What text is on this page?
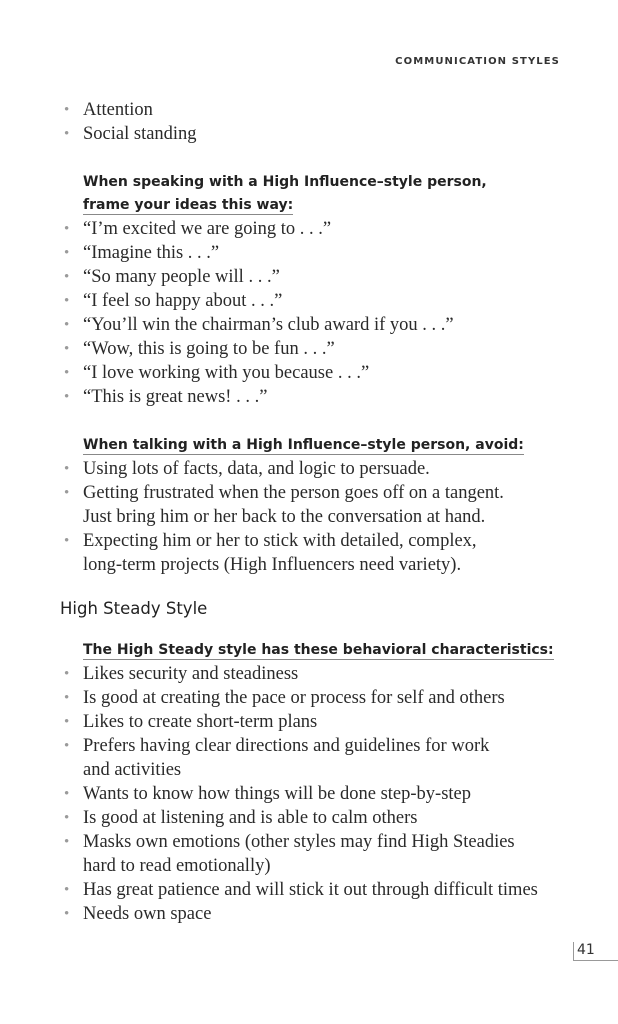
COMMUNICATION STYLES
• Attention
• Social standing
When speaking with a High Influence–style person,
frame your ideas this way:
• “I’m excited we are going to . . .”
• “Imagine this . . .”
• “So many people will . . .”
• “I feel so happy about . . .”
• “You’ll win the chairman’s club award if you . . .”
• “Wow, this is going to be fun . . .”
• “I love working with you because . . .”
• “This is great news! . . .”
When talking with a High Influence–style person, avoid:
• Using lots of facts, data, and logic to persuade.
• Getting frustrated when the person goes off on a tangent.
Just bring him or her back to the conversation at hand.
• Expecting him or her to stick with detailed, complex,
long-term projects (High Influencers need variety).
High Steady Style
The High Steady style has these behavioral characteristics:
• Likes security and steadiness
• Is good at creating the pace or process for self and others
• Likes to create short-term plans
• Prefers having clear directions and guidelines for work
and activities
• Wants to know how things will be done step-by-step
• Is good at listening and is able to calm others
• Masks own emotions (other styles may find High Steadies
hard to read emotionally)
• Has great patience and will stick it out through difficult times
• Needs own space
41
